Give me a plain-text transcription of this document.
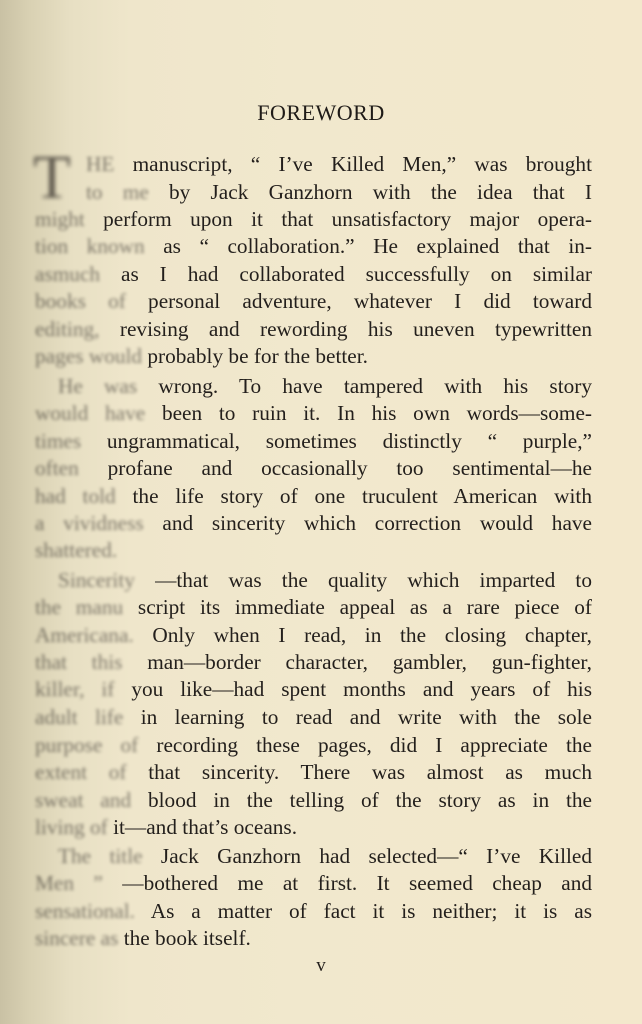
FOREWORD
T HE manuscript, “ I’ve Killed Men,” was brought
to me by Jack Ganzhorn with the idea that I
might perform upon it that unsatisfactory major opera-
tion known as “ collaboration.” He explained that in-
asmuch as I had collaborated successfully on similar
books of personal adventure, whatever I did toward
editing, revising and rewording his uneven typewritten
pages would probably be for the better.
He was wrong. To have tampered with his story
would have been to ruin it. In his own words—some-
times ungrammatical, sometimes distinctly “ purple,”
often profane and occasionally too sentimental—he
had told the life story of one truculent American with
a vividness and sincerity which correction would have
shattered.
Sincerity —that was the quality which imparted to
the manu script its immediate appeal as a rare piece of
Americana. Only when I read, in the closing chapter,
that this man—border character, gambler, gun-fighter,
killer, if you like—had spent months and years of his
adult life in learning to read and write with the sole
purpose of recording these pages, did I appreciate the
extent of that sincerity. There was almost as much
sweat and blood in the telling of the story as in the
living of it—and that’s oceans.
The title Jack Ganzhorn had selected—“ I’ve Killed
Men ” —bothered me at first. It seemed cheap and
sensational. As a matter of fact it is neither; it is as
sincere as the book itself.
v
